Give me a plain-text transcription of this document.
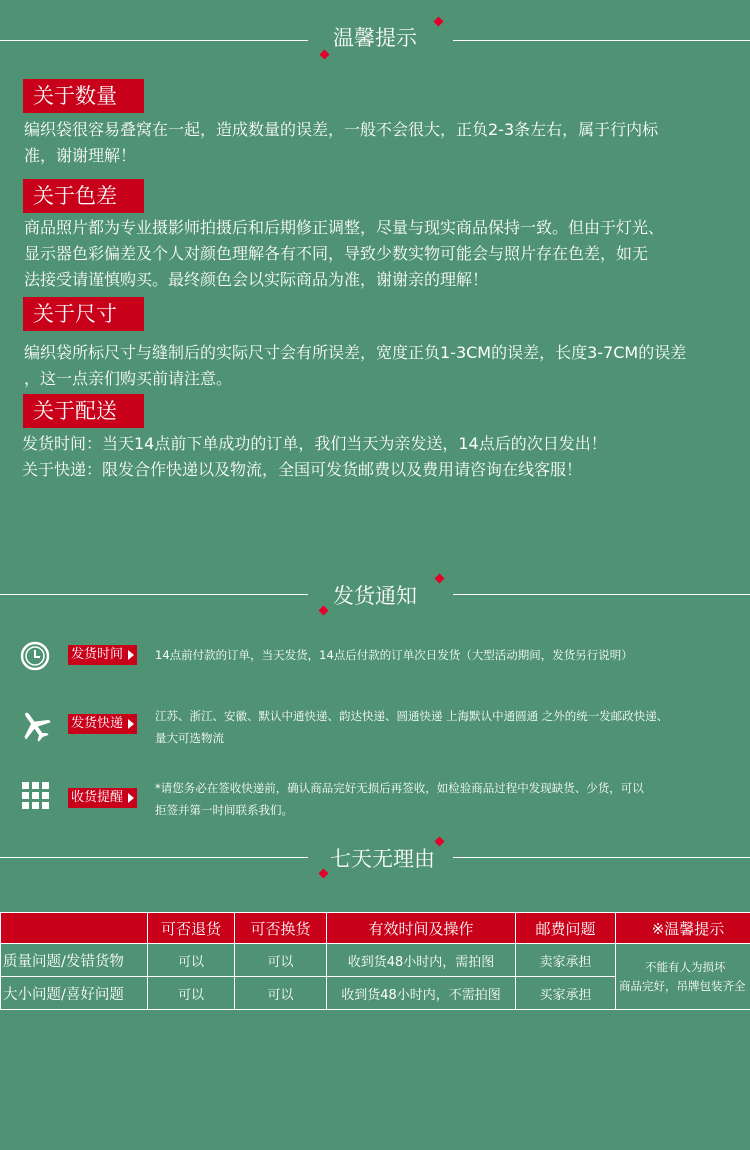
温馨提示
关于数量
编织袋很容易叠窝在一起，造成数量的误差，一般不会很大，正负2-3条左右，属于行内标
准，谢谢理解！
关于色差
商品照片都为专业摄影师拍摄后和后期修正调整，尽量与现实商品保持一致。但由于灯光、
显示器色彩偏差及个人对颜色理解各有不同，导致少数实物可能会与照片存在色差，如无
法接受请谨慎购买。最终颜色会以实际商品为准，谢谢亲的理解！
关于尺寸
编织袋所标尺寸与缝制后的实际尺寸会有所误差，宽度正负1-3CM的误差，长度3-7CM的误差
，这一点亲们购买前请注意。
关于配送
发货时间：当天14点前下单成功的订单，我们当天为亲发送，14点后的次日发出！
关于快递：限发合作快递以及物流，全国可发货邮费以及费用请咨询在线客服！
发货通知
发货时间	14点前付款的订单，当天发货，14点后付款的订单次日发货（大型活动期间，发货另行说明）
发货快递	江苏、浙江、安徽、默认中通快递、韵达快递、圆通快递 上海默认中通圆通 之外的统一发邮政快递、
量大可选物流
收货提醒
*请您务必在签收快递前，确认商品完好无损后再签收，如检验商品过程中发现缺货、少货，可以
拒签并第一时间联系我们。
七天无理由
	可否退货	可否换货	有效时间及操作	邮费问题	※温馨提示
质量问题/发错货物	可以	可以	收到货48小时内，需拍图	卖家承担	不能有人为损坏
商品完好，吊牌包装齐全

大小问题/喜好问题	可以	可以	收到货48小时内，不需拍图	买家承担	
